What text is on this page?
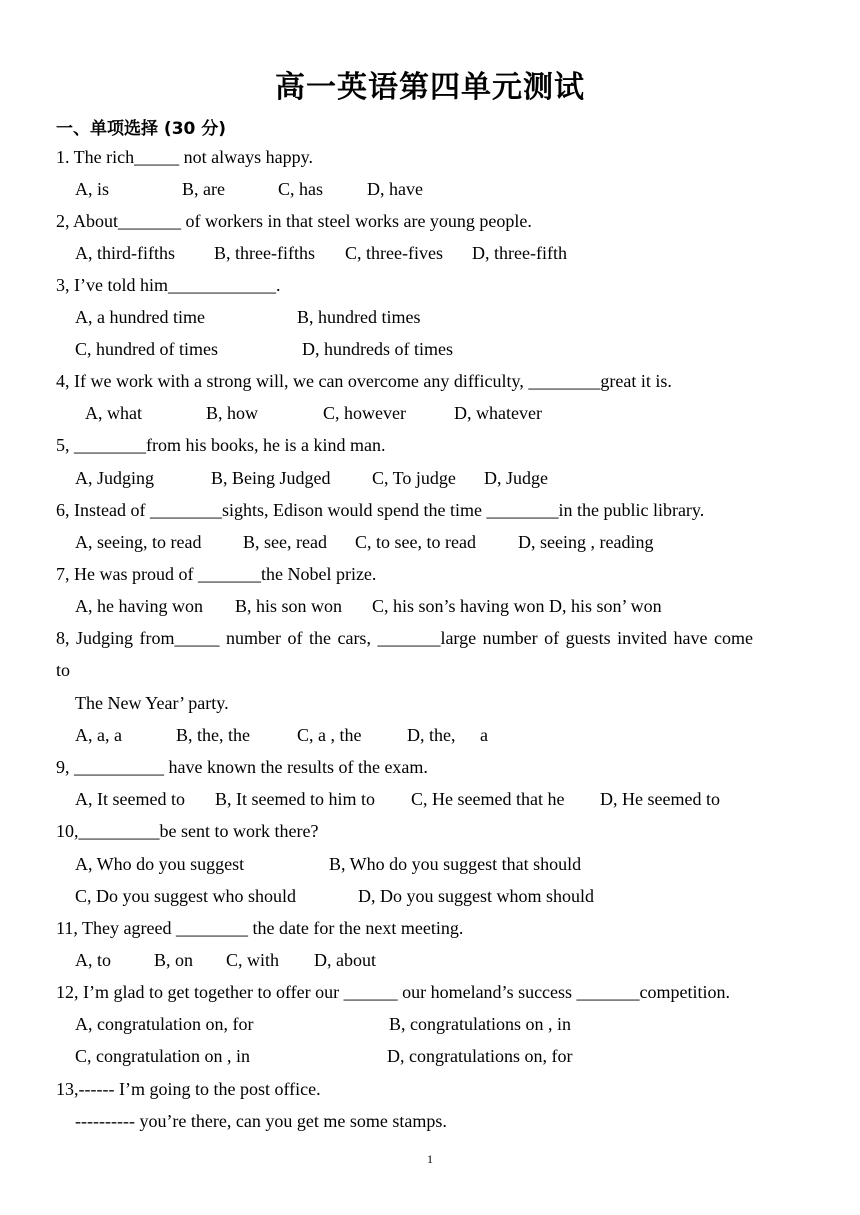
高一英语第四单元测试
一、单项选择 (30 分)
1. The rich_____ not always happy.
A, is	B, are	C, has D, have
2, About_______ of workers in that steel works are young people.
A, third-fifths B, three-fifths C, three-fives D, three-fifth
3, I’ve told him____________.
A, a hundred time	B, hundred times
C, hundred of times	D, hundreds of times
4, If we work with a strong will, we can overcome any difficulty, ________great it is.
A, what	B, how	C, however	D, whatever
5, ________from his books, he is a kind man.
A, Judging	B, Being Judged C, To judge D, Judge
6, Instead of ________sights, Edison would spend the time ________in the public library.
A, seeing, to read B, see, read C, to see, to read D, seeing , reading
7, He was proud of _______the Nobel prize.
A, he having won B, his son won C, his son’s having won D, his son’ won
8, Judging from_____ number of the cars, _______large number of guests invited have come
to
The New Year’ party.
A, a, a	B, the, the	C, a , the	D, the, a
9, __________ have known the results of the exam.
A, It seemed to B, It seemed to him to C, He seemed that he D, He seemed to
10,_________be sent to work there?
A, Who do you suggest	B, Who do you suggest that should
C, Do you suggest who should	D, Do you suggest whom should
11, They agreed ________ the date for the next meeting.
A, to B, on C, with D, about
12, I’m glad to get together to offer our ______ our homeland’s success _______competition.
A, congratulation on, for	B, congratulations on , in
C, congratulation on , in	D, congratulations on, for
13,------ I’m going to the post office.
---------- you’re there, can you get me some stamps.
1
